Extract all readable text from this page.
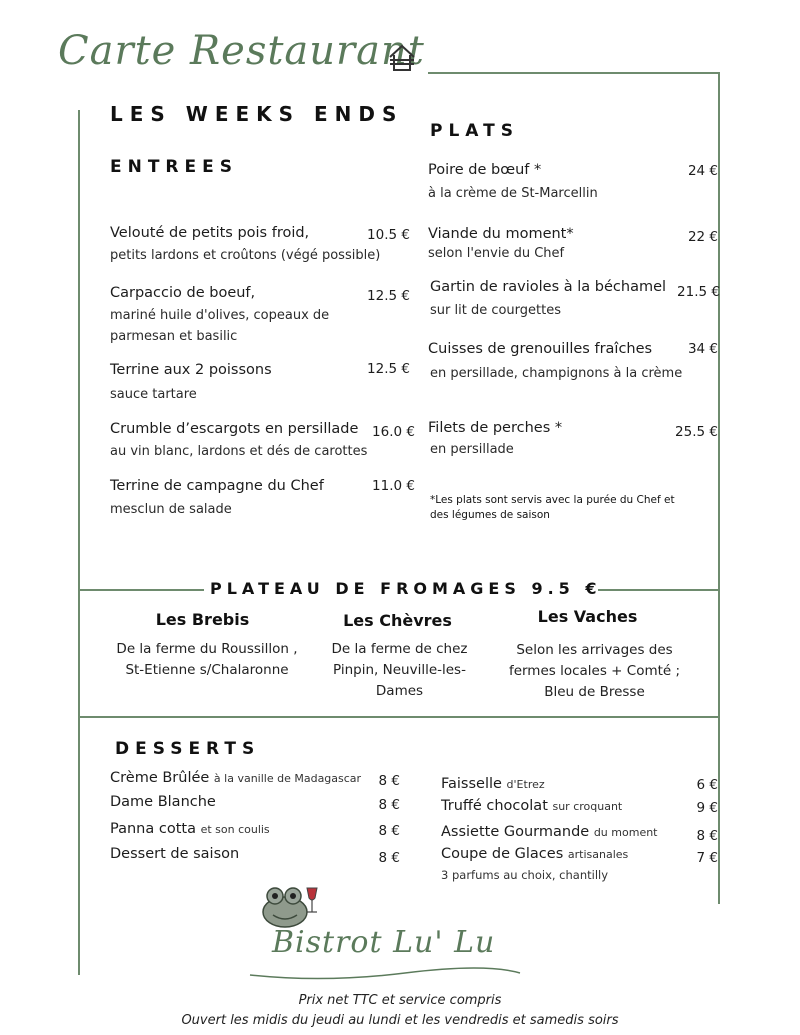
Carte Restaurant
LES WEEKS ENDS
PLATS
ENTREES
Velouté de petits pois froid,	10.5 €
petits lardons et croûtons (végé possible)
Carpaccio de boeuf,	12.5 €
mariné huile d'olives, copeaux de parmesan et basilic
Terrine aux 2 poissons	12.5 €
sauce tartare
Crumble d’escargots en persillade	16.0 €
au vin blanc, lardons et dés de carottes
Terrine de campagne du Chef	11.0 €
mesclun de salade
Poire de bœuf *	24 €
à la crème de St-Marcellin
Viande du moment*	22 €
selon l'envie du Chef
Gartin de ravioles à la béchamel 21.5 €
sur lit de courgettes
Cuisses de grenouilles fraîches	34 €
en persillade, champignons à la crème
Filets de perches *	25.5 €
en persillade
*Les plats sont servis avec la purée du Chef et des légumes de saison
PLATEAU DE FROMAGES 9.5 €
Les Brebis
De la ferme du Roussillon , St-Etienne s/Chalaronne
Les Chèvres
De la ferme de chez Pinpin, Neuville-les-Dames
Les Vaches
Selon les arrivages des fermes locales + Comté ; Bleu de Bresse
DESSERTS
Crème Brûlée à la vanille de Madagascar	8 €
Dame Blanche	8 €
Panna cotta et son coulis	8 €
Dessert de saison	8 €
Faisselle d'Etrez	6 €
Truffé chocolat sur croquant	9 €
Assiette Gourmande du moment	8 €
Coupe de Glaces artisanales	7 €
3 parfums au choix, chantilly
Bistrot Lu' Lu
Prix net TTC et service compris
Ouvert les midis du jeudi au lundi et les vendredis et samedis soirs
